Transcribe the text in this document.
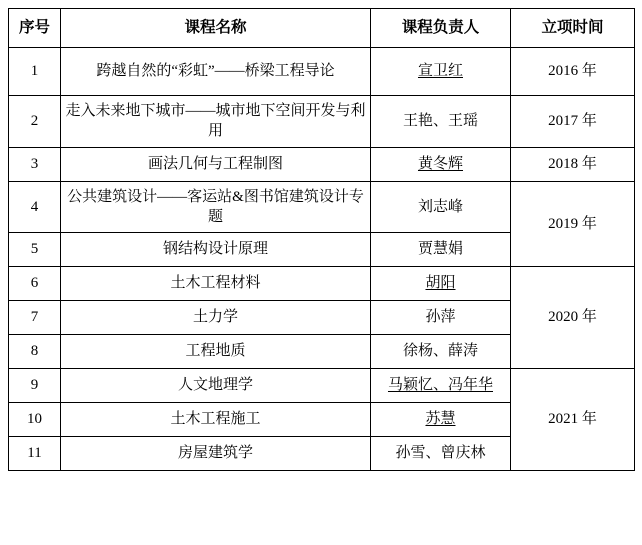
序号	课程名称	课程负责人	立项时间
1	跨越自然的“彩虹”——桥梁工程导论	宣卫红	2016 年
2	走入未来地下城市——城市地下空间开发与利用	王艳、王瑶	2017 年
3	画法几何与工程制图	黄冬辉	2018 年
4	公共建筑设计——客运站&图书馆建筑设计专题	刘志峰	2019 年
5	钢结构设计原理	贾慧娟	
6	土木工程材料	胡阳	2020 年
7	土力学	孙萍	
8	工程地质	徐杨、薛涛	
9	人文地理学	马颖忆、冯年华	2021 年
10	土木工程施工	苏慧	
11	房屋建筑学	孙雪、曾庆林	
